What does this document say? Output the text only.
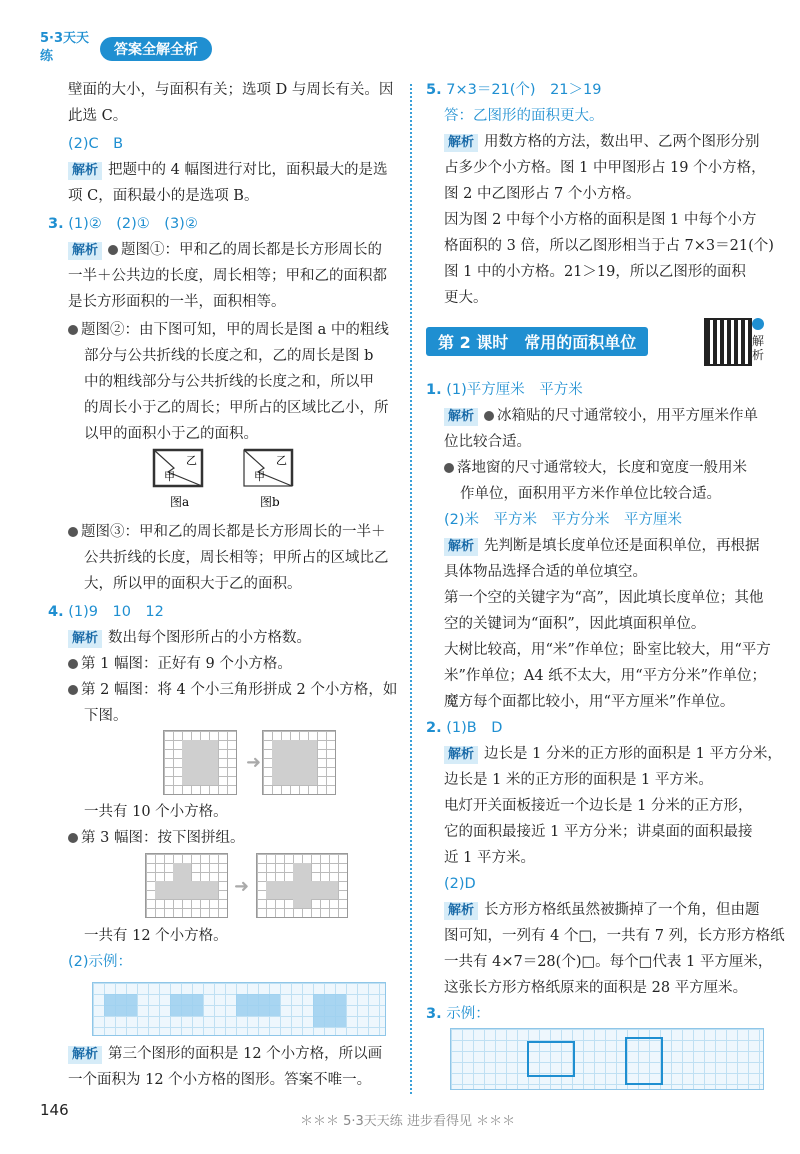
5·3天天练	答案全解全析
壁面的大小，与面积有关；选项 D 与周长有关。因
此选 C。
(2)C　B
解析 把题中的 4 幅图进行对比，面积最大的是选
项 C，面积最小的是选项 B。
3. (1)②　(2)①　(3)②
解析 题图①：甲和乙的周长都是长方形周长的
一半＋公共边的长度，周长相等；甲和乙的面积都
是长方形面积的一半，面积相等。
题图②：由下图可知，甲的周长是图 a 中的粗线
部分与公共折线的长度之和，乙的周长是图 b
中的粗线部分与公共折线的长度之和，所以甲
的周长小于乙的周长；甲所占的区域比乙小，所
以甲的面积小于乙的面积。
甲
乙
甲
乙
图a	图b
题图③：甲和乙的周长都是长方形周长的一半＋
公共折线的长度，周长相等；甲所占的区域比乙
大，所以甲的面积大于乙的面积。
4. (1)9　10　12
解析 数出每个图形所占的小方格数。
第 1 幅图：正好有 9 个小方格。
第 2 幅图：将 4 个小三角形拼成 2 个小方格，如
下图。
➜
一共有 10 个小方格。
第 3 幅图：按下图拼组。
➜
一共有 12 个小方格。
(2)示例：
解析 第三个图形的面积是 12 个小方格，所以画
一个面积为 12 个小方格的图形。答案不唯一。
5. 7×3＝21(个)　21＞19
答：乙图形的面积更大。
解析 用数方格的方法，数出甲、乙两个图形分别
占多少个小方格。图 1 中甲图形占 19 个小方格，
图 2 中乙图形占 7 个小方格。
因为图 2 中每个小方格的面积是图 1 中每个小方
格面积的 3 倍，所以乙图形相当于占 7×3＝21(个)
图 1 中的小方格。21＞19，所以乙图形的面积
更大。
第 2 课时　常用的面积单位	解析
1. (1)平方厘米　平方米
解析 冰箱贴的尺寸通常较小，用平方厘米作单
位比较合适。
落地窗的尺寸通常较大，长度和宽度一般用米
作单位，面积用平方米作单位比较合适。
(2)米　平方米　平方分米　平方厘米
解析 先判断是填长度单位还是面积单位，再根据
具体物品选择合适的单位填空。
第一个空的关键字为“高”，因此填长度单位；其他
空的关键词为“面积”，因此填面积单位。
大树比较高，用“米”作单位；卧室比较大，用“平方
米”作单位；A4 纸不太大，用“平方分米”作单位；
魔方每个面都比较小，用“平方厘米”作单位。
2. (1)B　D
解析 边长是 1 分米的正方形的面积是 1 平方分米，
边长是 1 米的正方形的面积是 1 平方米。
电灯开关面板接近一个边长是 1 分米的正方形，
它的面积最接近 1 平方分米；讲桌面的面积最接
近 1 平方米。
(2)D
解析 长方形方格纸虽然被撕掉了一个角，但由题
图可知，一列有 4 个□，一共有 7 列，长方形方格纸
一共有 4×7＝28(个)□。每个□代表 1 平方厘米，
这张长方形方格纸原来的面积是 28 平方厘米。
3. 示例：
146
＊＊＊ 5·3天天练 进步看得见 ＊＊＊
